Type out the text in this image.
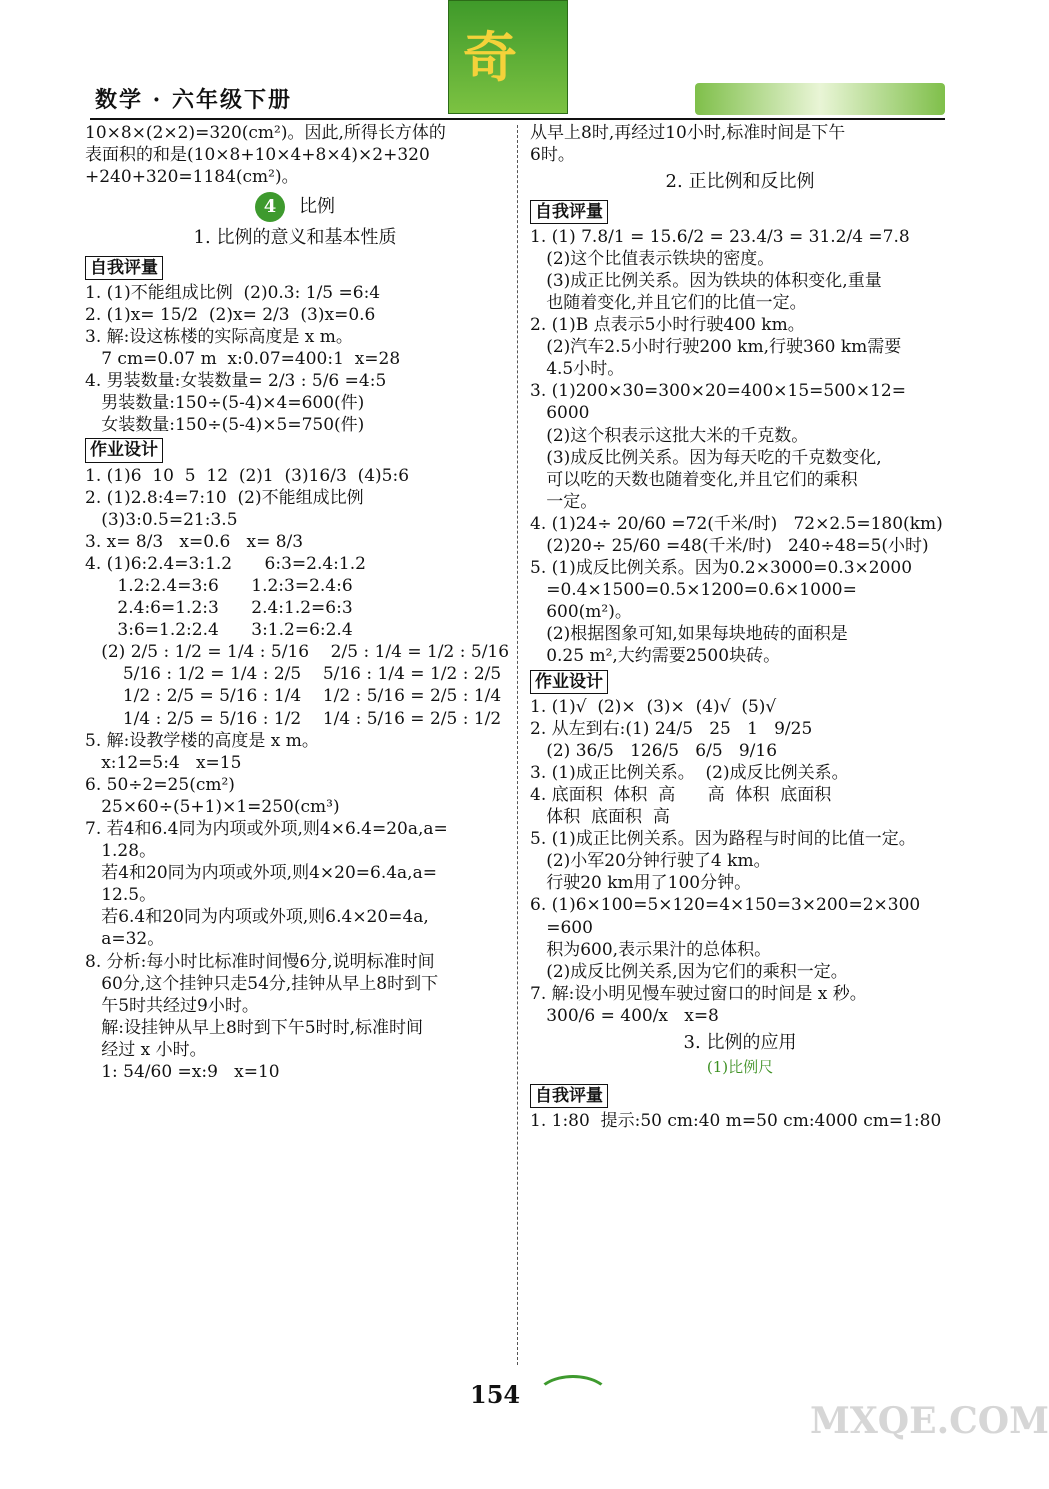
数学 · 六年级下册
奇
10×8×(2×2)=320(cm²)。因此,所得长方体的
表面积的和是(10×8+10×4+8×4)×2+320
+240+320=1184(cm²)。
4 比例
1. 比例的意义和基本性质
自我评量
1. (1)不能组成比例  (2)0.3: 1/5 =6:4
2. (1)x= 15/2  (2)x= 2/3  (3)x=0.6
3. 解:设这栋楼的实际高度是 x m。
7 cm=0.07 m  x:0.07=400:1  x=28
4. 男装数量:女装数量= 2/3 : 5/6 =4:5
男装数量:150÷(5-4)×4=600(件)
女装数量:150÷(5-4)×5=750(件)
作业设计
1. (1)6  10  5  12  (2)1  (3)16/3  (4)5:6
2. (1)2.8:4=7:10  (2)不能组成比例
(3)3:0.5=21:3.5
3. x= 8/3   x=0.6   x= 8/3
4. (1)6:2.4=3:1.2      6:3=2.4:1.2
1.2:2.4=3:6      1.2:3=2.4:6
2.4:6=1.2:3      2.4:1.2=6:3
3:6=1.2:2.4      3:1.2=6:2.4
(2) 2/5 : 1/2 = 1/4 : 5/16    2/5 : 1/4 = 1/2 : 5/16
5/16 : 1/2 = 1/4 : 2/5    5/16 : 1/4 = 1/2 : 2/5
1/2 : 2/5 = 5/16 : 1/4    1/2 : 5/16 = 2/5 : 1/4
1/4 : 2/5 = 5/16 : 1/2    1/4 : 5/16 = 2/5 : 1/2
5. 解:设教学楼的高度是 x m。
x:12=5:4   x=15
6. 50÷2=25(cm²)
25×60÷(5+1)×1=250(cm³)
7. 若4和6.4同为内项或外项,则4×6.4=20a,a=
1.28。
若4和20同为内项或外项,则4×20=6.4a,a=
12.5。
若6.4和20同为内项或外项,则6.4×20=4a,
a=32。
8. 分析:每小时比标准时间慢6分,说明标准时间
60分,这个挂钟只走54分,挂钟从早上8时到下
午5时共经过9小时。
解:设挂钟从早上8时到下午5时时,标准时间
经过 x 小时。
1: 54/60 =x:9   x=10
从早上8时,再经过10小时,标准时间是下午
6时。
2. 正比例和反比例
自我评量
1. (1) 7.8/1 = 15.6/2 = 23.4/3 = 31.2/4 =7.8
(2)这个比值表示铁块的密度。
(3)成正比例关系。因为铁块的体积变化,重量
也随着变化,并且它们的比值一定。
2. (1)B 点表示5小时行驶400 km。
(2)汽车2.5小时行驶200 km,行驶360 km需要
4.5小时。
3. (1)200×30=300×20=400×15=500×12=
6000
(2)这个积表示这批大米的千克数。
(3)成反比例关系。因为每天吃的千克数变化,
可以吃的天数也随着变化,并且它们的乘积
一定。
4. (1)24÷ 20/60 =72(千米/时)   72×2.5=180(km)
(2)20÷ 25/60 =48(千米/时)   240÷48=5(小时)
5. (1)成反比例关系。因为0.2×3000=0.3×2000
=0.4×1500=0.5×1200=0.6×1000=
600(m²)。
(2)根据图象可知,如果每块地砖的面积是
0.25 m²,大约需要2500块砖。
作业设计
1. (1)√  (2)×  (3)×  (4)√  (5)√
2. 从左到右:(1) 24/5   25   1   9/25
(2) 36/5   126/5   6/5   9/16
3. (1)成正比例关系。  (2)成反比例关系。
4. 底面积  体积  高      高  体积  底面积
体积  底面积  高
5. (1)成正比例关系。因为路程与时间的比值一定。
(2)小军20分钟行驶了4 km。
行驶20 km用了100分钟。
6. (1)6×100=5×120=4×150=3×200=2×300
=600
积为600,表示果汁的总体积。
(2)成反比例关系,因为它们的乘积一定。
7. 解:设小明见慢车驶过窗口的时间是 x 秒。
300/6 = 400/x   x=8
3. 比例的应用
(1)比例尺
自我评量
1. 1:80  提示:50 cm:40 m=50 cm:4000 cm=1:80
154
MXQE.COM
